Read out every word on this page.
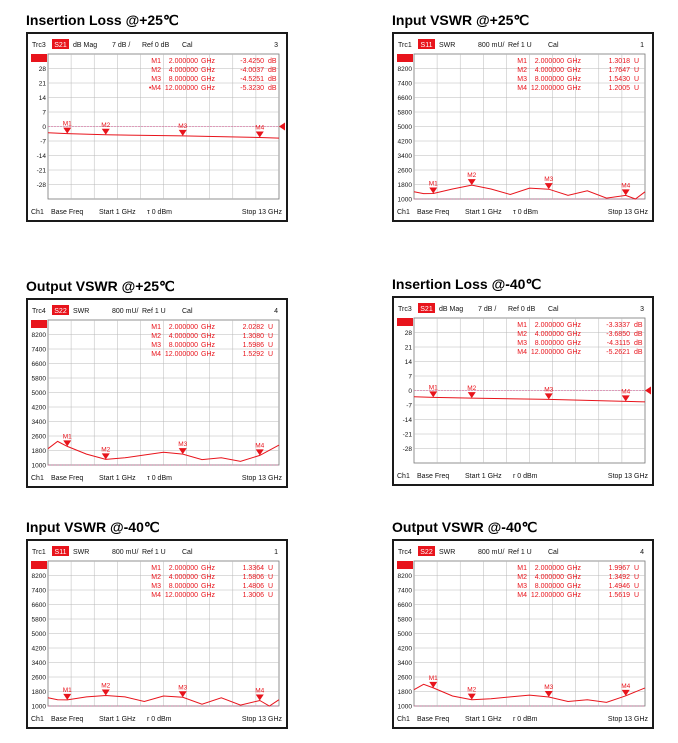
Insertion Loss @+25℃
Trc3 S21 dB Mag 7 dB / Ref 0 dB Cal	3
28
21
14
7
0
-7
-14
-21
-28
M1	M2	M3	M4
M1 2.000000 GHz	-3.4250 dB
M2 4.000000 GHz	-4.0037 dB
M3 8.000000 GHz	-4.5251 dB
•M4 12.000000 GHz	-5.3230 dB
Ch1 Base Freq Start 1 GHz τ 0 dBm	Stop 13 GHz
Input VSWR @+25℃
Trc1 S11 SWR	800 mU/ Ref 1 U Cal	1
8200
7400
6600
5800
5000
4200
3400
2600
1800
1000
M1
M2
M3
M4
M1 2.000000 GHz	1.3018 U
M2 4.000000 GHz	1.7647 U
M3 8.000000 GHz	1.5430 U
M4 12.000000 GHz	1.2005 U
Ch1 Base Freq Start 1 GHz τ 0 dBm	Stop 13 GHz
Output VSWR @+25℃
Trc4 S22 SWR	800 mU/ Ref 1 U Cal	4
8200
7400
6600
5800
5000
4200
3400
2600
1800
1000
M1
M2
M3	M4
M1 2.000000 GHz	2.0282 U
M2 4.000000 GHz	1.3080 U
M3 8.000000 GHz	1.5986 U
M4 12.000000 GHz	1.5292 U
Ch1 Base Freq Start 1 GHz τ 0 dBm	Stop 13 GHz
Insertion Loss @-40℃
Trc3 S21 dB Mag 7 dB / Ref 0 dB Cal	3
28
21
14
7
0
-7
-14
-21
-28
M1	M2	M3	M4
M1 2.000000 GHz	-3.3337 dB
M2 4.000000 GHz	-3.6850 dB
M3 8.000000 GHz	-4.3115 dB
M4 12.000000 GHz	-5.2621 dB
Ch1 Base Freq Start 1 GHz r 0 dBm	Stop 13 GHz
Input VSWR @-40℃
Trc1 S11 SWR	800 mU/ Ref 1 U Cal	1
8200
7400
6600
5800
5000
4200
3400
2600
1800
1000
M1
M2	M3	M4
M1 2.000000 GHz	1.3364 U
M2 4.000000 GHz	1.5806 U
M3 8.000000 GHz	1.4806 U
M4 12.000000 GHz	1.3006 U
Ch1 Base Freq Start 1 GHz r 0 dBm	Stop 13 GHz
Output VSWR @-40℃
Trc4 S22 SWR	800 mU/ Ref 1 U Cal	4
8200
7400
6600
5800
5000
4200
3400
2600
1800
1000
M1
M2	M3	M4
M1 2.000000 GHz	1.9967 U
M2 4.000000 GHz	1.3492 U
M3 8.000000 GHz	1.4946 U
M4 12.000000 GHz	1.5619 U
Ch1 Base Freq Start 1 GHz r 0 dBm	Stop 13 GHz
